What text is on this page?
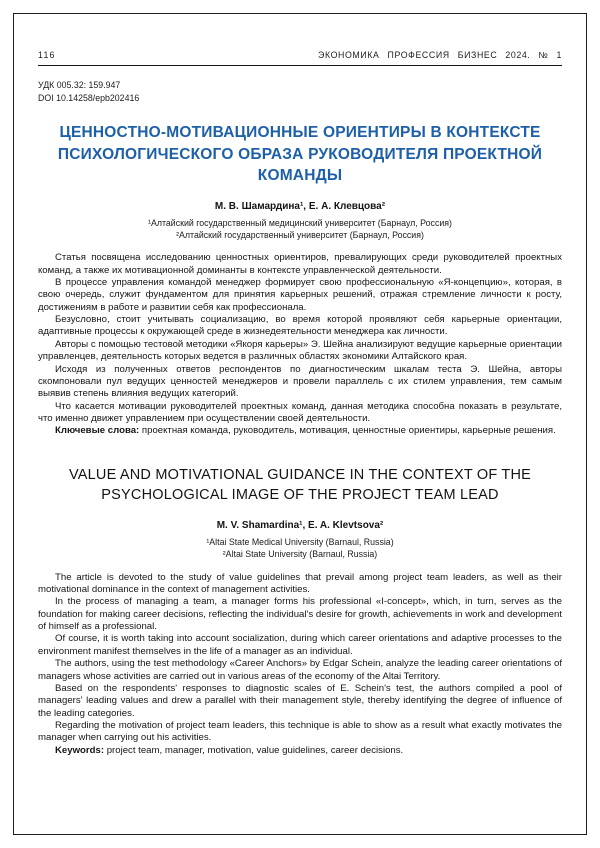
116	ЭКОНОМИКА ПРОФЕССИЯ БИЗНЕС 2024. № 1
УДК 005.32: 159.947
DOI 10.14258/epb202416
ЦЕННОСТНО-МОТИВАЦИОННЫЕ ОРИЕНТИРЫ В КОНТЕКСТЕ ПСИХОЛОГИЧЕСКОГО ОБРАЗА РУКОВОДИТЕЛЯ ПРОЕКТНОЙ КОМАНДЫ
М. В. Шамардина¹, Е. А. Клевцова²
¹Алтайский государственный медицинский университет (Барнаул, Россия)
²Алтайский государственный университет (Барнаул, Россия)

Статья посвящена исследованию ценностных ориентиров, превалирующих среди руководителей проектных команд, а также их мотивационной доминанты в контексте управленческой деятельности.

В процессе управления командой менеджер формирует свою профессиональную «Я-концепцию», которая, в свою очередь, служит фундаментом для принятия карьерных решений, отражая стремление личности к росту, достижениям в работе и развитии себя как профессионала.

Безусловно, стоит учитывать социализацию, во время которой проявляют себя карьерные ориентации, адаптивные процессы к окружающей среде в жизнедеятельности менеджера как личности.

Авторы с помощью тестовой методики «Якоря карьеры» Э. Шейна анализируют ведущие карьерные ориентации управленцев, деятельность которых ведется в различных областях экономики Алтайского края.

Исходя из полученных ответов респондентов по диагностическим шкалам теста Э. Шейна, авторы скомпоновали пул ведущих ценностей менеджеров и провели параллель с их стилем управления, тем самым выявив степень влияния ведущих категорий.

Что касается мотивации руководителей проектных команд, данная методика способна показать в результате, что именно движет управлением при осуществлении своей деятельности.

Ключевые слова: проектная команда, руководитель, мотивация, ценностные ориентиры, карьерные решения.

VALUE AND MOTIVATIONAL GUIDANCE IN THE CONTEXT OF THE PSYCHOLOGICAL IMAGE OF THE PROJECT TEAM LEAD
M. V. Shamardina¹, E. A. Klevtsova²
¹Altai State Medical University (Barnaul, Russia)
²Altai State University (Barnaul, Russia)

The article is devoted to the study of value guidelines that prevail among project team leaders, as well as their motivational dominance in the context of management activities.

In the process of managing a team, a manager forms his professional «I-concept», which, in turn, serves as the foundation for making career decisions, reflecting the individual's desire for growth, achievements in work and development of himself as a professional.

Of course, it is worth taking into account socialization, during which career orientations and adaptive processes to the environment manifest themselves in the life of a manager as an individual.

The authors, using the test methodology «Career Anchors» by Edgar Schein, analyze the leading career orientations of managers whose activities are carried out in various areas of the economy of the Altai Territory.

Based on the respondents' responses to diagnostic scales of E. Schein's test, the authors compiled a pool of managers' leading values and drew a parallel with their management style, thereby identifying the degree of influence of the leading categories.

Regarding the motivation of project team leaders, this technique is able to show as a result what exactly motivates the manager when carrying out his activities.

Keywords: project team, manager, motivation, value guidelines, career decisions.
